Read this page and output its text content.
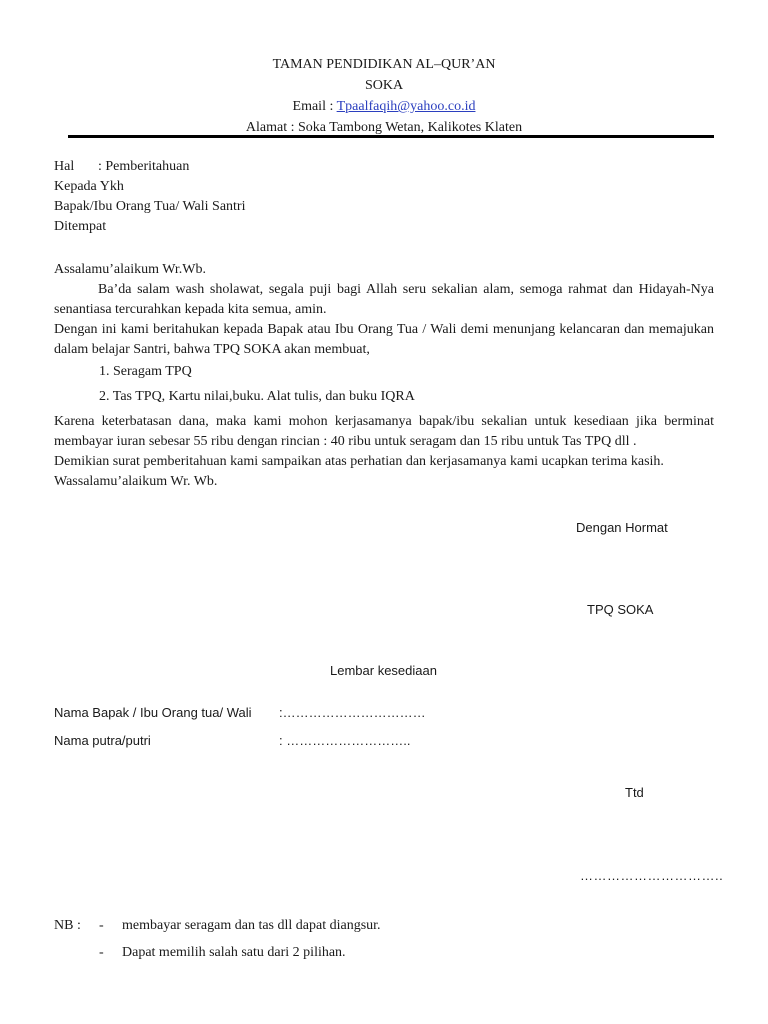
TAMAN PENDIDIKAN AL–QUR’AN
SOKA
Email : Tpaalfaqih@yahoo.co.id
Alamat : Soka Tambong Wetan, Kalikotes Klaten
Hal : Pemberitahuan
Kepada Ykh
Bapak/Ibu Orang Tua/ Wali Santri
Ditempat
Assalamu’alaikum Wr.Wb.
Ba’da salam wash sholawat, segala puji bagi Allah seru sekalian alam, semoga rahmat dan Hidayah-Nya senantiasa tercurahkan kepada kita semua, amin.
Dengan ini kami beritahukan kepada Bapak atau Ibu Orang Tua / Wali demi menunjang kelancaran dan memajukan dalam belajar Santri, bahwa TPQ SOKA akan membuat,
1. Seragam TPQ
2. Tas TPQ, Kartu nilai,buku. Alat tulis, dan buku IQRA
Karena keterbatasan dana, maka kami mohon kerjasamanya bapak/ibu sekalian untuk kesediaan jika berminat membayar iuran sebesar 55 ribu dengan rincian : 40 ribu untuk seragam dan 15 ribu untuk Tas TPQ dll .
Demikian surat pemberitahuan kami sampaikan atas perhatian dan kerjasamanya kami ucapkan terima kasih.
Wassalamu’alaikum Wr. Wb.
Dengan Hormat
TPQ SOKA
Lembar kesediaan
Nama Bapak / Ibu Orang tua/ Wali :……………………………
Nama putra/putri	: ………………………..
Ttd
…………………………..
NB : - membayar seragam dan tas dll dapat diangsur.
- Dapat memilih salah satu dari 2 pilihan.
